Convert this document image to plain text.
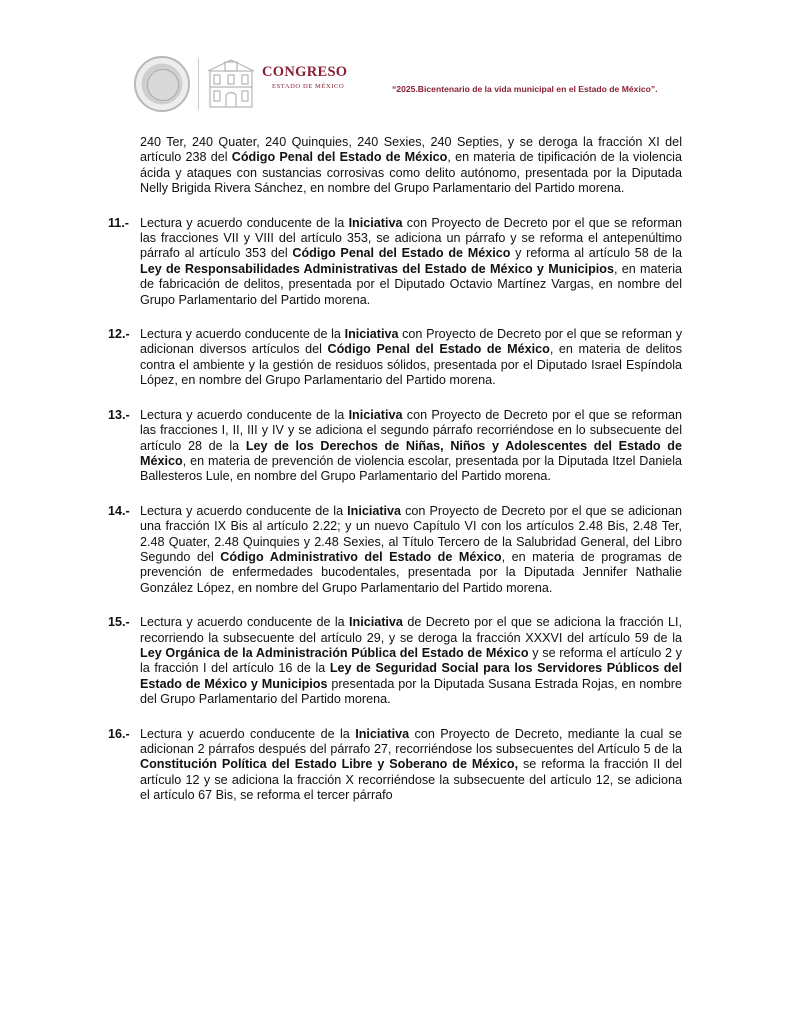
CONGRESO
ESTADO DE MÉXICO	“2025.Bicentenario de la vida municipal en el Estado de México”.
240 Ter, 240 Quater, 240 Quinquies, 240 Sexies, 240 Septies, y se deroga la fracción XI del artículo 238 del Código Penal del Estado de México, en materia de tipificación de la violencia ácida y ataques con sustancias corrosivas como delito autónomo, presentada por la Diputada Nelly Brigida Rivera Sánchez, en nombre del Grupo Parlamentario del Partido morena.
11.- Lectura y acuerdo conducente de la Iniciativa con Proyecto de Decreto por el que se reforman las fracciones VII y VIII del artículo 353, se adiciona un párrafo y se reforma el antepenúltimo párrafo al artículo 353 del Código Penal del Estado de México y reforma al artículo 58 de la Ley de Responsabilidades Administrativas del Estado de México y Municipios, en materia de fabricación de delitos, presentada por el Diputado Octavio Martínez Vargas, en nombre del Grupo Parlamentario del Partido morena.
12.- Lectura y acuerdo conducente de la Iniciativa con Proyecto de Decreto por el que se reforman y adicionan diversos artículos del Código Penal del Estado de México, en materia de delitos contra el ambiente y la gestión de residuos sólidos, presentada por el Diputado Israel Espíndola López, en nombre del Grupo Parlamentario del Partido morena.
13.- Lectura y acuerdo conducente de la Iniciativa con Proyecto de Decreto por el que se reforman las fracciones I, II, III y IV y se adiciona el segundo párrafo recorriéndose en lo subsecuente del artículo 28 de la Ley de los Derechos de Niñas, Niños y Adolescentes del Estado de México, en materia de prevención de violencia escolar, presentada por la Diputada Itzel Daniela Ballesteros Lule, en nombre del Grupo Parlamentario del Partido morena.
14.- Lectura y acuerdo conducente de la Iniciativa con Proyecto de Decreto por el que se adicionan una fracción IX Bis al artículo 2.22; y un nuevo Capítulo VI con los artículos 2.48 Bis, 2.48 Ter, 2.48 Quater, 2.48 Quinquies y 2.48 Sexies, al Título Tercero de la Salubridad General, del Libro Segundo del Código Administrativo del Estado de México, en materia de programas de prevención de enfermedades bucodentales, presentada por la Diputada Jennifer Nathalie González López, en nombre del Grupo Parlamentario del Partido morena.
15.- Lectura y acuerdo conducente de la Iniciativa de Decreto por el que se adiciona la fracción LI, recorriendo la subsecuente del artículo 29, y se deroga la fracción XXXVI del artículo 59 de la Ley Orgánica de la Administración Pública del Estado de México y se reforma el artículo 2 y la fracción I del artículo 16 de la Ley de Seguridad Social para los Servidores Públicos del Estado de México y Municipios presentada por la Diputada Susana Estrada Rojas, en nombre del Grupo Parlamentario del Partido morena.
16.- Lectura y acuerdo conducente de la Iniciativa con Proyecto de Decreto, mediante la cual se adicionan 2 párrafos después del párrafo 27, recorriéndose los subsecuentes del Artículo 5 de la Constitución Política del Estado Libre y Soberano de México, se reforma la fracción II del artículo 12 y se adiciona la fracción X recorriéndose la subsecuente del artículo 12, se adiciona el artículo 67 Bis, se reforma el tercer párrafo
